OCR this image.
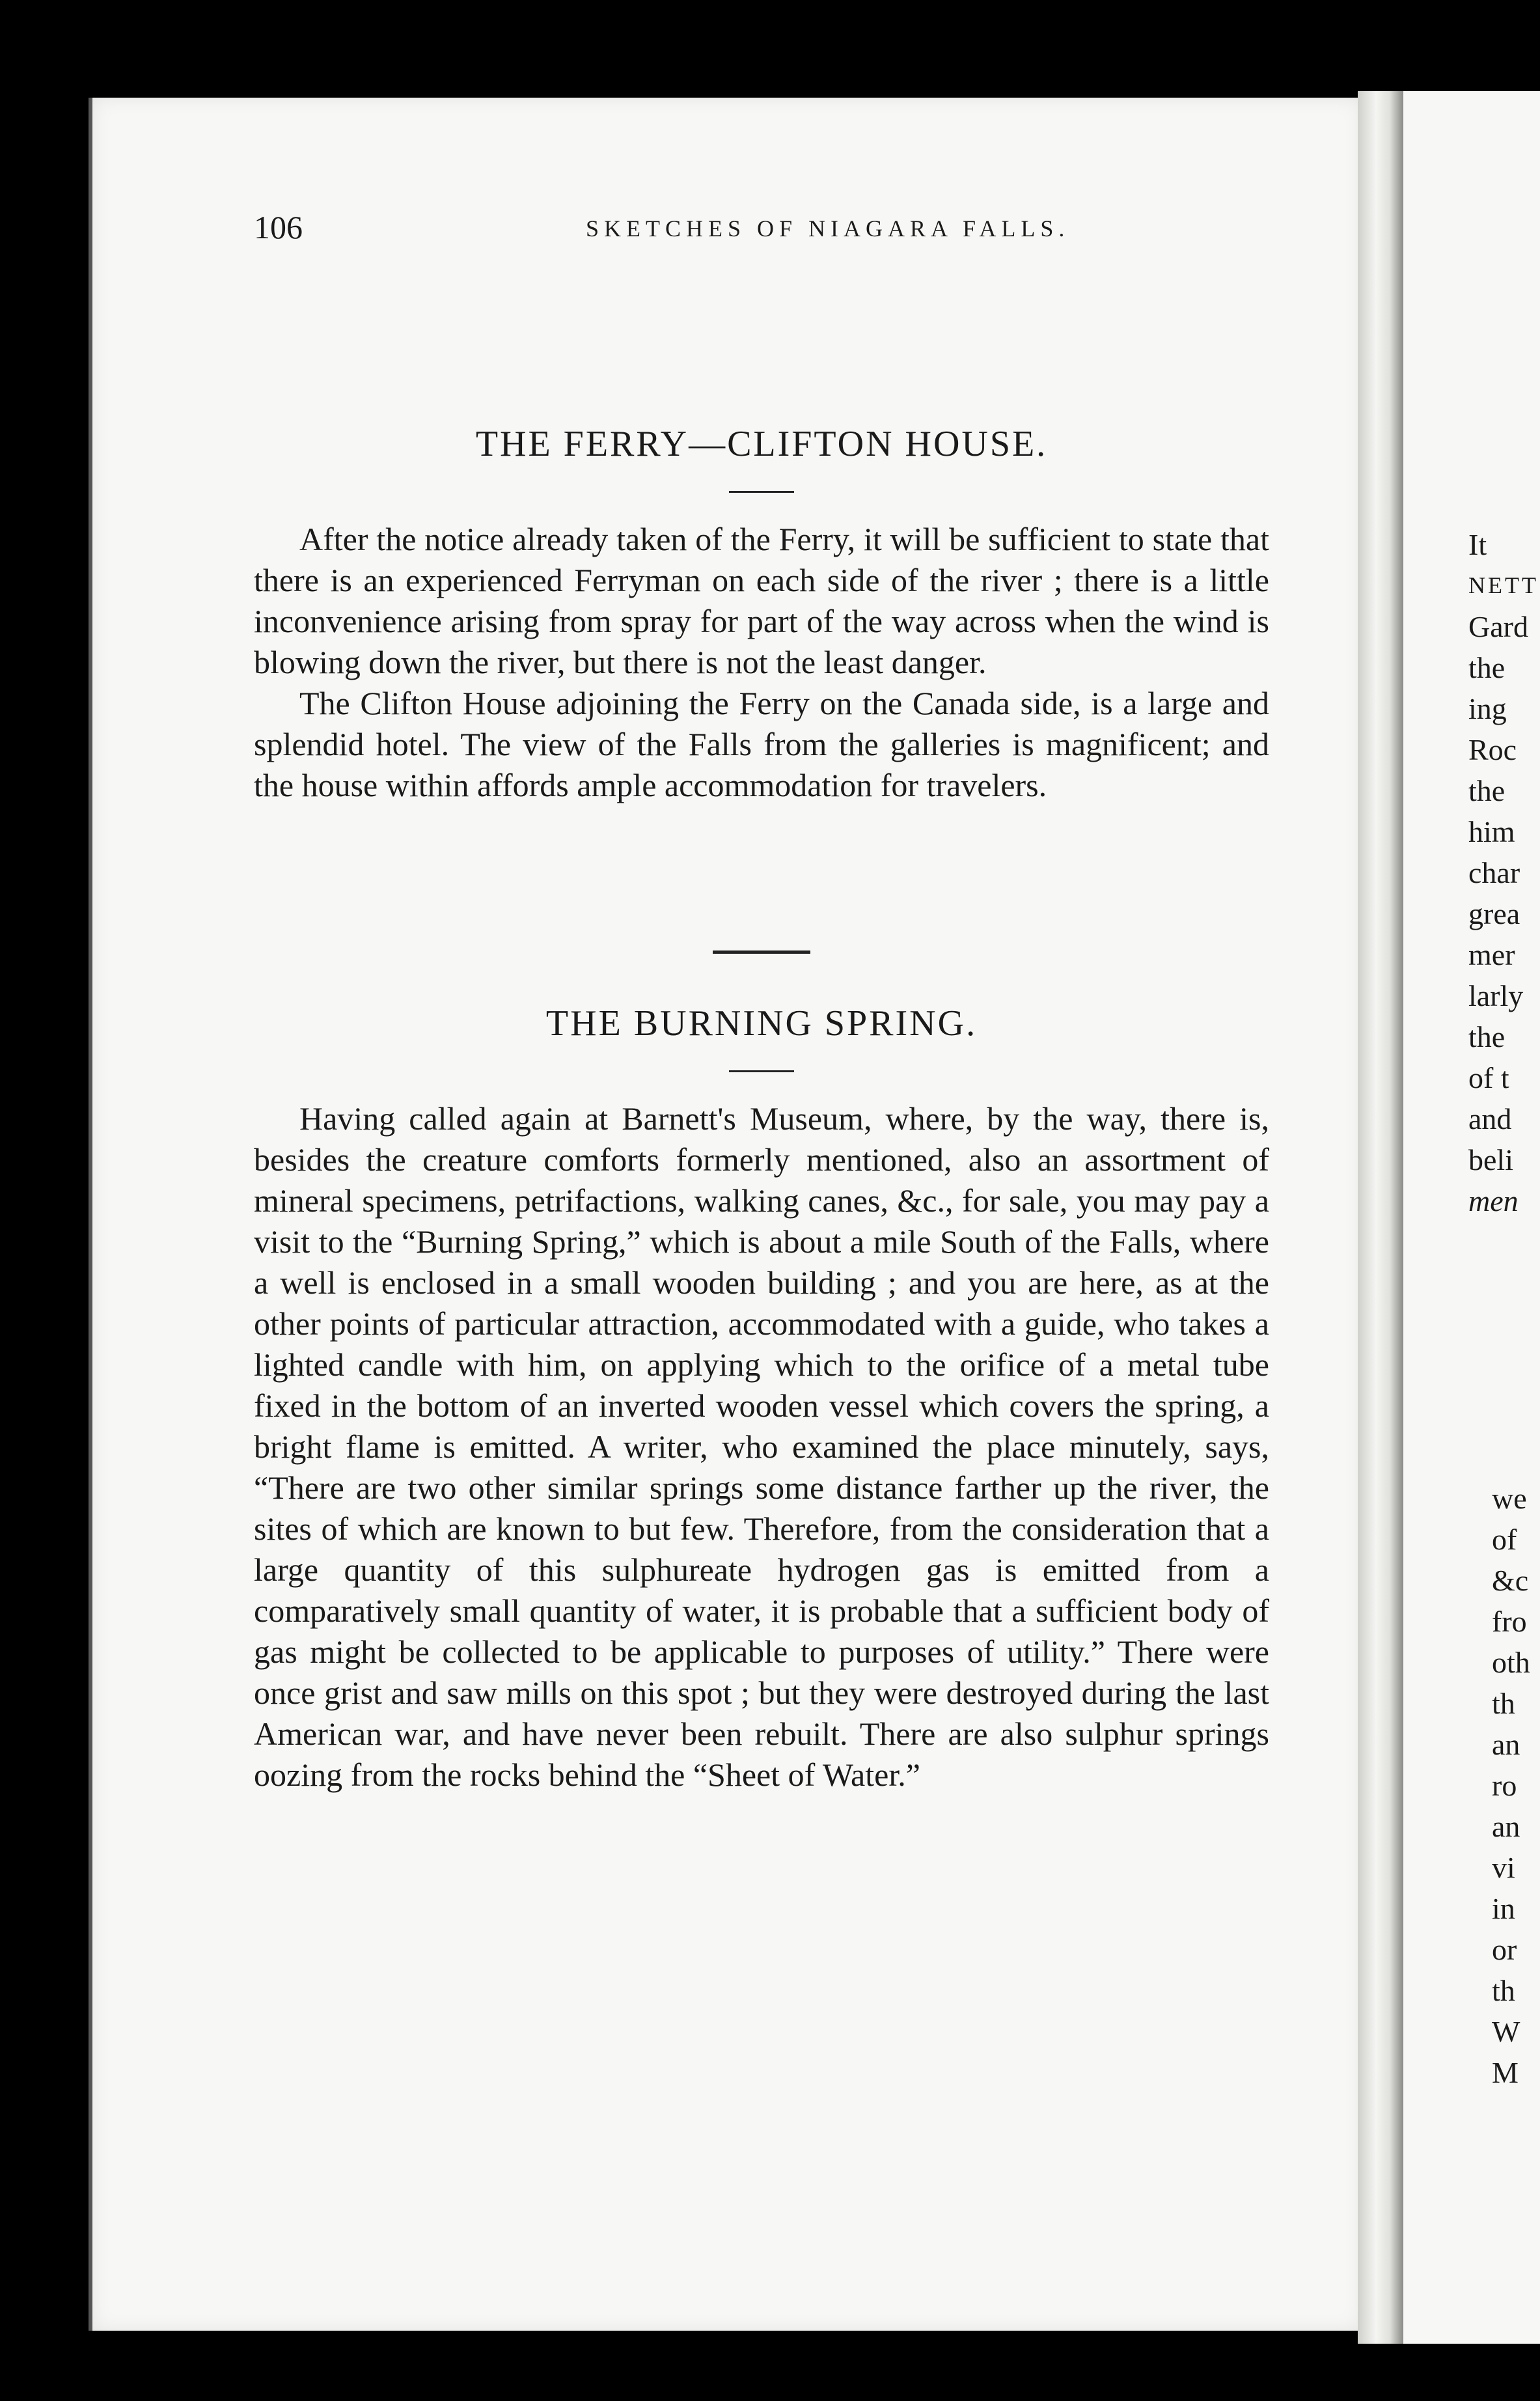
It

NETT

Gard

the

ing

Roc

the

him

char

grea

mer

larly

the

of t

and

beli

men

we

of

&c

fro

oth

th

an

ro

an

vi

in

or

th

W

M

106	SKETCHES OF NIAGARA FALLS.
THE FERRY—CLIFTON HOUSE.

After the notice already taken of the Ferry, it will be sufficient to state that there is an experienced Ferryman on each side of the river ; there is a little inconvenience arising from spray for part of the way across when the wind is blowing down the river, but there is not the least danger.

The Clifton House adjoining the Ferry on the Canada side, is a large and splendid hotel. The view of the Falls from the galleries is magnificent; and the house within affords ample accommodation for travelers.

THE BURNING SPRING.

Having called again at Barnett's Museum, where, by the way, there is, besides the creature comforts formerly mentioned, also an assortment of mineral specimens, petrifactions, walking canes, &c., for sale, you may pay a visit to the “Burning Spring,” which is about a mile South of the Falls, where a well is enclosed in a small wooden building ; and you are here, as at the other points of particular attraction, accommodated with a guide, who takes a lighted candle with him, on applying which to the orifice of a metal tube fixed in the bottom of an inverted wooden vessel which covers the spring, a bright flame is emitted. A writer, who examined the place minutely, says, “There are two other similar springs some distance farther up the river, the sites of which are known to but few. Therefore, from the consideration that a large quantity of this sulphureate hydrogen gas is emitted from a comparatively small quantity of water, it is probable that a sufficient body of gas might be collected to be applicable to purposes of utility.” There were once grist and saw mills on this spot ; but they were destroyed during the last American war, and have never been rebuilt. There are also sulphur springs oozing from the rocks behind the “Sheet of Water.”
